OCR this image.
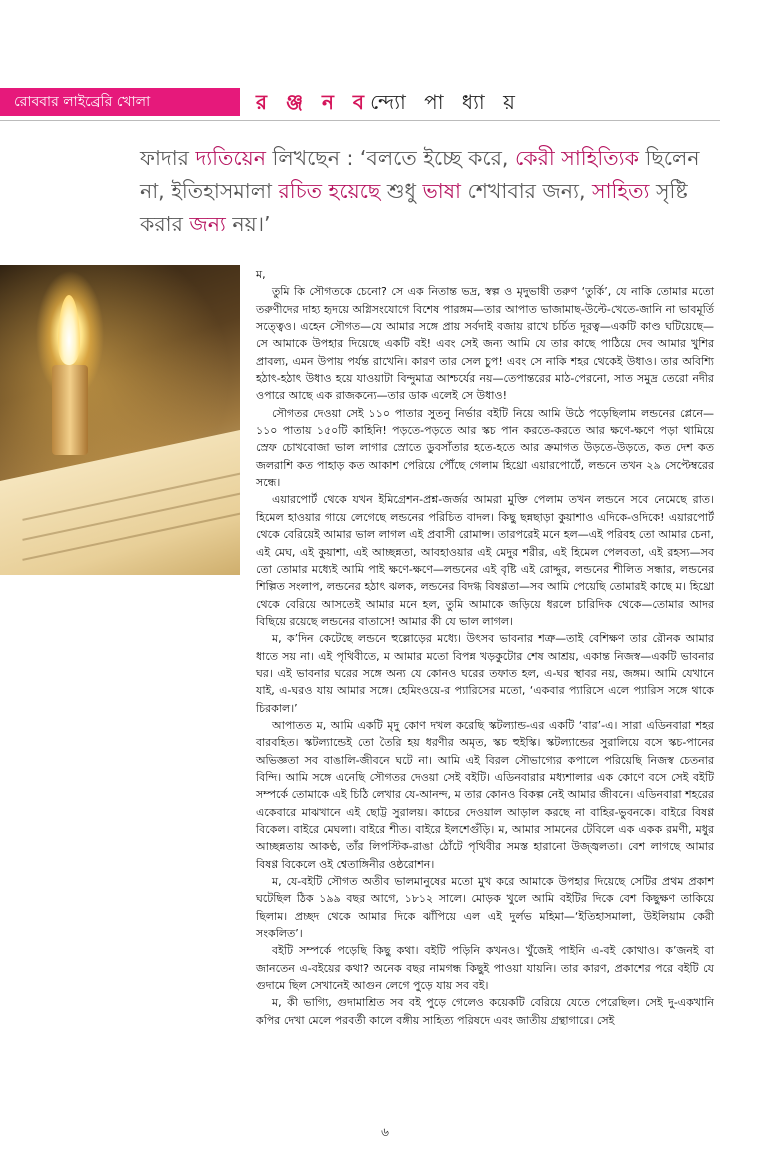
রোববার লাইব্রেরি খোলা	র ঞ্জ ন বন্দ্যো পা ধ্যা য়
ফাদার দ্যতিয়েন লিখছেন : ‘বলতে ইচ্ছে করে, কেরী সাহিত্যিক ছিলেন না, ইতিহাসমালা রচিত হয়েছে শুধু ভাষা শেখাবার জন্য, সাহিত্য সৃষ্টি করার জন্য নয়।’

ম,

তুমি কি সৌগতকে চেনো? সে এক নিতান্ত ভদ্র, স্বল্প ও মৃদুভাষী তরুণ ‘তুর্কি’, যে নাকি তোমার মতো তরুণীদের দাহ্য হৃদয়ে অগ্নিসংযোগে বিশেষ পারঙ্গম—তার আপাত ভাজামাছ-উল্টে-খেতে-জানি না ভাবমূর্তি সত্ত্বেও। এহেন সৌগত—যে আমার সঙ্গে প্রায় সর্বদাই বজায় রাখে চর্চিত দূরত্ব—একটি কাণ্ড ঘটিয়েছে—সে আমাকে উপহার দিয়েছে একটি বই! এবং সেই জন্য আমি যে তার কাছে পাঠিয়ে দেব আমার খুশির প্রাবল্য, এমন উপায় পর্যন্ত রাখেনি। কারণ তার সেল চুপ! এবং সে নাকি শহর থেকেই উধাও। তার অবিশ্যি হঠাৎ-হঠাৎ উধাও হয়ে যাওয়াটা বিন্দুমাত্র আশ্চর্যের নয়—তেপান্তরের মাঠ-পেরনো, সাত সমুদ্র তেরো নদীর ওপারে আছে এক রাজকন্যে—তার ডাক এলেই সে উধাও!

সৌগতর দেওয়া সেই ১১০ পাতার সুতনু নির্ভার বইটি নিয়ে আমি উঠে পড়েছিলাম লন্ডনের প্লেনে—১১০ পাতায় ১৫০টি কাহিনি! পড়তে-পড়তে আর স্কচ পান করতে-করতে আর ক্ষণে-ক্ষণে পড়া থামিয়ে স্রেফ চোখবোজা ভাল লাগার স্রোতে ডুবসাঁতার হতে-হতে আর ক্রমাগত উড়তে-উড়তে, কত দেশ কত জলরাশি কত পাহাড় কত আকাশ পেরিয়ে পৌঁছে গেলাম হিথ্রো এয়ারপোর্টে, লন্ডনে তখন ২৯ সেপ্টেম্বরের সন্ধে।

এয়ারপোর্ট থেকে যখন ইমিগ্রেশন-প্রশ্ন-জর্জর আমরা মুক্তি পেলাম তখন লন্ডনে সবে নেমেছে রাত। হিমেল হাওয়ার গায়ে লেগেছে লন্ডনের পরিচিত বাদল। কিছু ছন্নছাড়া কুয়াশাও এদিকে-ওদিকে! এয়ারপোর্ট থেকে বেরিয়েই আমার ভাল লাগল এই প্রবাসী রোমান্স। তারপরেই মনে হল—এই পরিবহ তো আমার চেনা, এই মেঘ, এই কুয়াশা, এই আচ্ছন্নতা, আবহাওয়ার এই মেদুর শরীর, এই হিমেল পেলবতা, এই রহস্য—সব তো তোমার মধ্যেই আমি পাই ক্ষণে-ক্ষণে—লন্ডনের এই বৃষ্টি এই রোদ্দুর, লন্ডনের শীলিত সন্ধার, লন্ডনের শিল্পিত সংলাপ, লন্ডনের হঠাৎ ঝলক, লন্ডনের বিদগ্ধ বিষণ্ণতা—সব আমি পেয়েছি তোমারই কাছে ম। হিথ্রো থেকে বেরিয়ে আসতেই আমার মনে হল, তুমি আমাকে জড়িয়ে ধরলে চারিদিক থেকে—তোমার আদর বিছিয়ে রয়েছে লন্ডনের বাতাসে! আমার কী যে ভাল লাগল।

ম, ক’দিন কেটেছে লন্ডনে হুল্লোড়ের মধ্যে। উৎসব ভাবনার শত্রু—তাই বেশিক্ষণ তার রৌনক আমার ধাতে সয় না। এই পৃথিবীতে, ম আমার মতো বিপন্ন খড়কুটোর শেষ আশ্রয়, একান্ত নিজস্ব—একটি ভাবনার ঘর। এই ভাবনার ঘরের সঙ্গে অন্য যে কোনও ঘরের তফাত হল, এ-ঘর স্থাবর নয়, জঙ্গম। আমি যেখানে যাই, এ-ঘরও যায় আমার সঙ্গে। হেমিংওয়ে-র প্যারিসের মতো, ‘একবার প্যারিসে এলে প্যারিস সঙ্গে থাকে চিরকাল।’

আপাতত ম, আমি একটি মৃদু কোণ দখল করেছি স্কটল্যান্ড-এর একটি ‘বার’-এ। সারা এডিনবারা শহর বারবহিত। স্কটল্যান্ডেই তো তৈরি হয় ধরণীর অমৃত, স্কচ হুইস্কি। স্কটল্যান্ডের সুরালিয়ে বসে স্কচ-পানের অভিজ্ঞতা সব বাঙালি-জীবনে ঘটে না। আমি এই বিরল সৌভাগ্যের কপালে পরিয়েছি নিজস্ব চেতনার বিন্দি। আমি সঙ্গে এনেছি সৌগতর দেওয়া সেই বইটি। এডিনবারার মধ্যশালার এক কোণে বসে সেই বইটি সম্পর্কে তোমাকে এই চিঠি লেখার যে-আনন্দ, ম তার কোনও বিকল্প নেই আমার জীবনে। এডিনবারা শহরের একেবারে মাঝখানে এই ছোট্ট সুরালয়। কাচের দেওয়াল আড়াল করছে না বাহির-ভুবনকে। বাইরে বিষণ্ণ বিকেল। বাইরে মেঘলা। বাইরে শীত। বাইরে ইলশেগুঁড়ি। ম, আমার সামনের টেবিলে এক একক রমণী, মধুর আচ্ছন্নতায় আকণ্ঠ, তাঁর লিপস্টিক-রাঙা ঠোঁটে পৃথিবীর সমস্ত হারানো উজ্জ্বলতা। বেশ লাগছে আমার বিষণ্ণ বিকেলে ওই শ্বেতাঙ্গিনীর ওষ্ঠরোশন।

ম, যে-বইটি সৌগত অতীব ভালমানুষের মতো মুখ করে আমাকে উপহার দিয়েছে সেটির প্রথম প্রকাশ ঘটেছিল ঠিক ১৯৯ বছর আগে, ১৮১২ সালে। মোড়ক খুলে আমি বইটির দিকে বেশ কিছুক্ষণ তাকিয়ে ছিলাম। প্রচ্ছদ থেকে আমার দিকে ঝাঁপিয়ে এল এই দুর্লভ মহিমা—‘ইতিহাসমালা, উইলিয়াম কেরী সংকলিত’।

বইটি সম্পর্কে পড়েছি কিছু কথা। বইটি পড়িনি কখনও। খুঁজেই পাইনি এ-বই কোথাও। ক’জনই বা জানতেন এ-বইয়ের কথা? অনেক বছর নামগন্ধ কিছুই পাওয়া যায়নি। তার কারণ, প্রকাশের পরে বইটি যে গুদামে ছিল সেখানেই আগুন লেগে পুড়ে যায় সব বই।

ম, কী ভাগ্যি, গুদামাশ্রিত সব বই পুড়ে গেলেও কয়েকটি বেরিয়ে যেতে পেরেছিল। সেই দু-একখানি কপির দেখা মেলে পরবর্তী কালে বঙ্গীয় সাহিত্য পরিষদে এবং জাতীয় গ্রন্থাগারে। সেই

৬
